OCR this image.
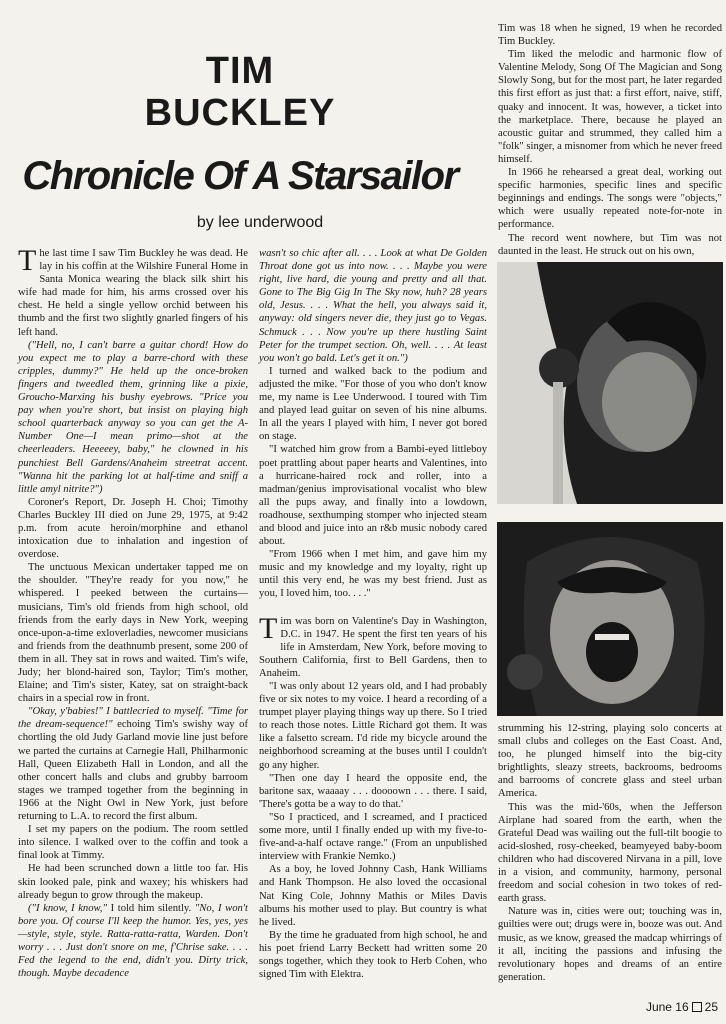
TIM
BUCKLEY
Chronicle Of A Starsailor
by lee underwood

The last time I saw Tim Buckley he was dead. He lay in his coffin at the Wilshire Funeral Home in Santa Monica wearing the black silk shirt his wife had made for him, his arms crossed over his chest. He held a single yellow orchid between his thumb and the first two slightly gnarled fingers of his left hand.

("Hell, no, I can't barre a guitar chord! How do you expect me to play a barre-chord with these cripples, dummy?" He held up the once-broken fingers and tweedled them, grinning like a pixie, Groucho-Marxing his bushy eyebrows. "Price you pay when you're short, but insist on playing high school quarterback anyway so you can get the A-Number One—I mean primo—shot at the cheerleaders. Heeeeey, baby," he clowned in his punchiest Bell Gardens/Anaheim streetrat accent. "Wanna hit the parking lot at half-time and sniff a little amyl nitrite?")

Coroner's Report, Dr. Joseph H. Choi; Timothy Charles Buckley III died on June 29, 1975, at 9:42 p.m. from acute heroin/morphine and ethanol intoxication due to inhalation and ingestion of overdose.

The unctuous Mexican undertaker tapped me on the shoulder. "They're ready for you now," he whispered. I peeked between the curtains—musicians, Tim's old friends from high school, old friends from the early days in New York, weeping once-upon-a-time exloverladies, newcomer musicians and friends from the deathnumb present, some 200 of them in all. They sat in rows and waited. Tim's wife, Judy; her blond-haired son, Taylor; Tim's mother, Elaine; and Tim's sister, Katey, sat on straight-back chairs in a special row in front.

"Okay, y'babies!" I battlecried to myself. "Time for the dream-sequence!" echoing Tim's swishy way of chortling the old Judy Garland movie line just before we parted the curtains at Carnegie Hall, Philharmonic Hall, Queen Elizabeth Hall in London, and all the other concert halls and clubs and grubby barroom stages we tramped together from the beginning in 1966 at the Night Owl in New York, just before returning to L.A. to record the first album.

I set my papers on the podium. The room settled into silence. I walked over to the coffin and took a final look at Timmy.

He had been scrunched down a little too far. His skin looked pale, pink and waxey; his whiskers had already begun to grow through the makeup.

("I know, I know," I told him silently. "No, I won't bore you. Of course I'll keep the humor. Yes, yes, yes—style, style, style. Ratta-ratta-ratta, Warden. Don't worry . . . Just don't snore on me, f'Chrise sake. . . . Fed the legend to the end, didn't you. Dirty trick, though. Maybe decadence

wasn't so chic after all. . . . Look at what De Golden Throat done got us into now. . . . Maybe you were right, live hard, die young and pretty and all that. Gone to The Big Gig In The Sky now, huh? 28 years old, Jesus. . . . What the hell, you always said it, anyway: old singers never die, they just go to Vegas. Schmuck . . . Now you're up there hustling Saint Peter for the trumpet section. Oh, well. . . . At least you won't go bald. Let's get it on.")

I turned and walked back to the podium and adjusted the mike. "For those of you who don't know me, my name is Lee Underwood. I toured with Tim and played lead guitar on seven of his nine albums. In all the years I played with him, I never got bored on stage.

"I watched him grow from a Bambi-eyed littleboy poet prattling about paper hearts and Valentines, into a hurricane-haired rock and roller, into a madman/genius improvisational vocalist who blew all the pups away, and finally into a lowdown, roadhouse, sexthumping stomper who injected steam and blood and juice into an r&b music nobody cared about.

"From 1966 when I met him, and gave him my music and my knowledge and my loyalty, right up until this very end, he was my best friend. Just as you, I loved him, too. . . ."

Tim was born on Valentine's Day in Washington, D.C. in 1947. He spent the first ten years of his life in Amsterdam, New York, before moving to Southern California, first to Bell Gardens, then to Anaheim.

"I was only about 12 years old, and I had probably five or six notes to my voice. I heard a recording of a trumpet player playing things way up there. So I tried to reach those notes. Little Richard got them. It was like a falsetto scream. I'd ride my bicycle around the neighborhood screaming at the buses until I couldn't go any higher.

"Then one day I heard the opposite end, the baritone sax, waaaay . . . doooown . . . there. I said, 'There's gotta be a way to do that.'

"So I practiced, and I screamed, and I practiced some more, until I finally ended up with my five-to-five-and-a-half octave range." (From an unpublished interview with Frankie Nemko.)

As a boy, he loved Johnny Cash, Hank Williams and Hank Thompson. He also loved the occasional Nat King Cole, Johnny Mathis or Miles Davis albums his mother used to play. But country is what he lived.

By the time he graduated from high school, he and his poet friend Larry Beckett had written some 20 songs together, which they took to Herb Cohen, who signed Tim with Elektra.

Tim was 18 when he signed, 19 when he recorded Tim Buckley.

Tim liked the melodic and harmonic flow of Valentine Melody, Song Of The Magician and Song Slowly Song, but for the most part, he later regarded this first effort as just that: a first effort, naive, stiff, quaky and innocent. It was, however, a ticket into the marketplace. There, because he played an acoustic guitar and strummed, they called him a "folk" singer, a misnomer from which he never freed himself.

In 1966 he rehearsed a great deal, working out specific harmonies, specific lines and specific beginnings and endings. The songs were "objects," which were usually repeated note-for-note in performance.

The record went nowhere, but Tim was not daunted in the least. He struck out on his own,

strumming his 12-string, playing solo concerts at small clubs and colleges on the East Coast. And, too, he plunged himself into the big-city brightlights, sleazy streets, backrooms, bedrooms and barrooms of concrete glass and steel urban America.

This was the mid-'60s, when the Jefferson Airplane had soared from the earth, when the Grateful Dead was wailing out the full-tilt boogie to acid-sloshed, rosy-cheeked, beamyeyed baby-boom children who had discovered Nirvana in a pill, love in a vision, and community, harmony, personal freedom and social cohesion in two tokes of red-earth grass.

Nature was in, cities were out; touching was in, guilties were out; drugs were in, booze was out. And music, as we know, greased the madcap whirrings of it all, inciting the passions and infusing the revolutionary hopes and dreams of an entire generation.

June 16 25
